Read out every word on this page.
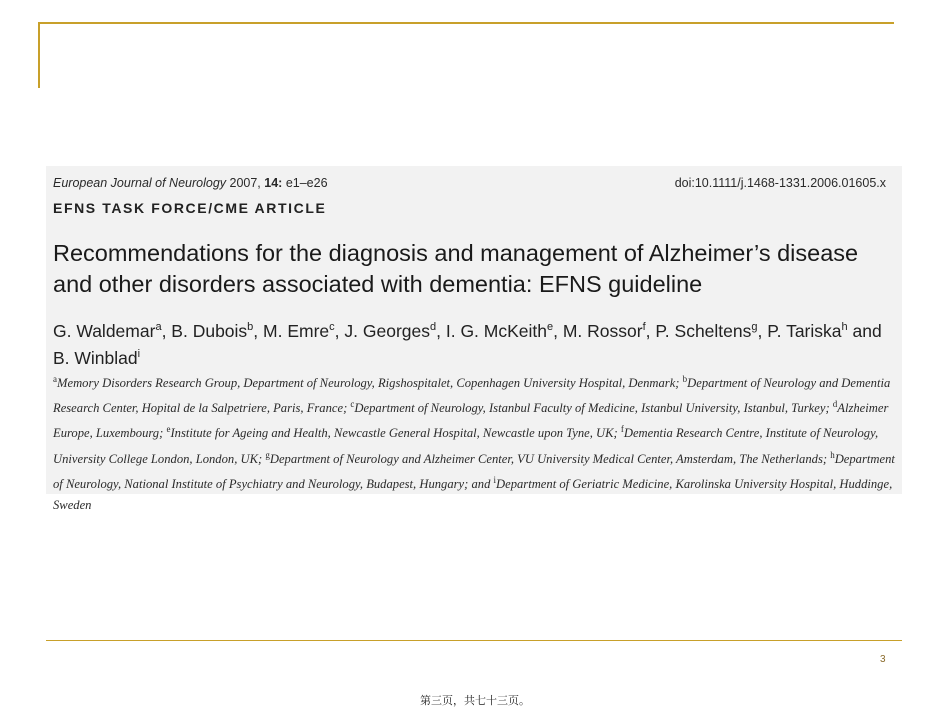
European Journal of Neurology 2007, 14: e1–e26	doi:10.1111/j.1468-1331.2006.01605.x
EFNS TASK FORCE/CME ARTICLE
Recommendations for the diagnosis and management of Alzheimer’s disease and other disorders associated with dementia: EFNS guideline
G. Waldemar$^a$, B. Dubois$^b$, M. Emre$^c$, J. Georges$^d$, I. G. McKeith$^e$, M. Rossor$^f$, P. Scheltens$^g$, P. Tariska$^h$ and B. Winblad$^i$
$^a$Memory Disorders Research Group, Department of Neurology, Rigshospitalet, Copenhagen University Hospital, Denmark; $^b$Department of Neurology and Dementia Research Center, Hopital de la Salpetriere, Paris, France; $^c$Department of Neurology, Istanbul Faculty of Medicine, Istanbul University, Istanbul, Turkey; $^d$Alzheimer Europe, Luxembourg; $^e$Institute for Ageing and Health, Newcastle General Hospital, Newcastle upon Tyne, UK; $^f$Dementia Research Centre, Institute of Neurology, University College London, London, UK; $^g$Department of Neurology and Alzheimer Center, VU University Medical Center, Amsterdam, The Netherlands; $^h$Department of Neurology, National Institute of Psychiatry and Neurology, Budapest, Hungary; and $^i$Department of Geriatric Medicine, Karolinska University Hospital, Huddinge, Sweden
3
第三页，共七十三页。
